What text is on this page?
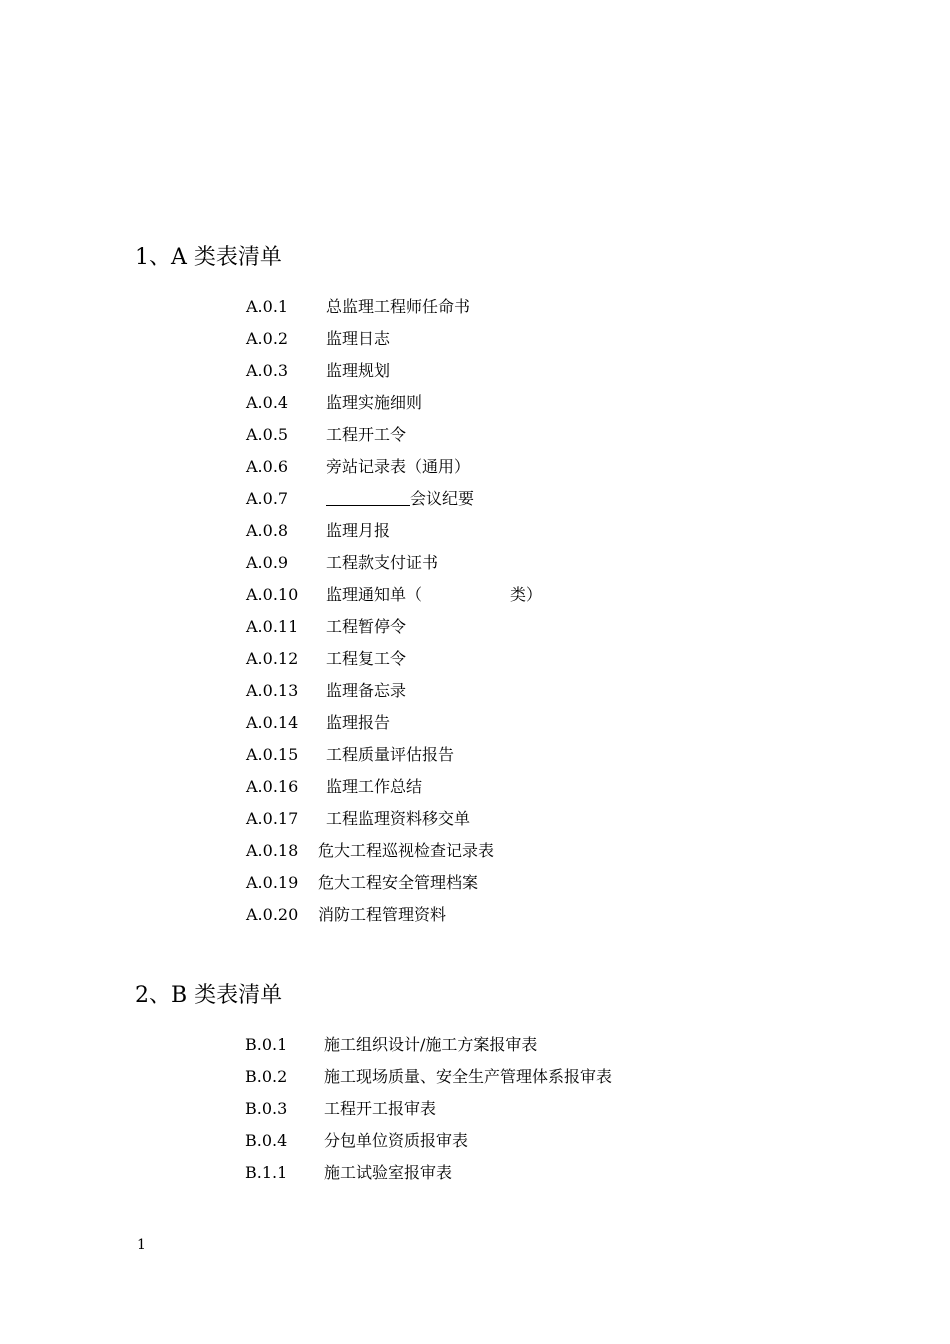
1、A 类表清单
A.0.1 总监理工程师任命书
A.0.2 监理日志
A.0.3 监理规划
A.0.4 监理实施细则
A.0.5 工程开工令
A.0.6 旁站记录表（通用）
A.0.7	会议纪要
A.0.8 监理月报
A.0.9 工程款支付证书
A.0.10 监理通知单（	类）
A.0.11 工程暂停令
A.0.12 工程复工令
A.0.13 监理备忘录
A.0.14 监理报告
A.0.15 工程质量评估报告
A.0.16 监理工作总结
A.0.17 工程监理资料移交单
A.0.18 危大工程巡视检查记录表
A.0.19 危大工程安全管理档案
A.0.20 消防工程管理资料
2、B 类表清单
B.0.1 施工组织设计/施工方案报审表
B.0.2 施工现场质量、安全生产管理体系报审表
B.0.3 工程开工报审表
B.0.4 分包单位资质报审表
B.1.1 施工试验室报审表
1
